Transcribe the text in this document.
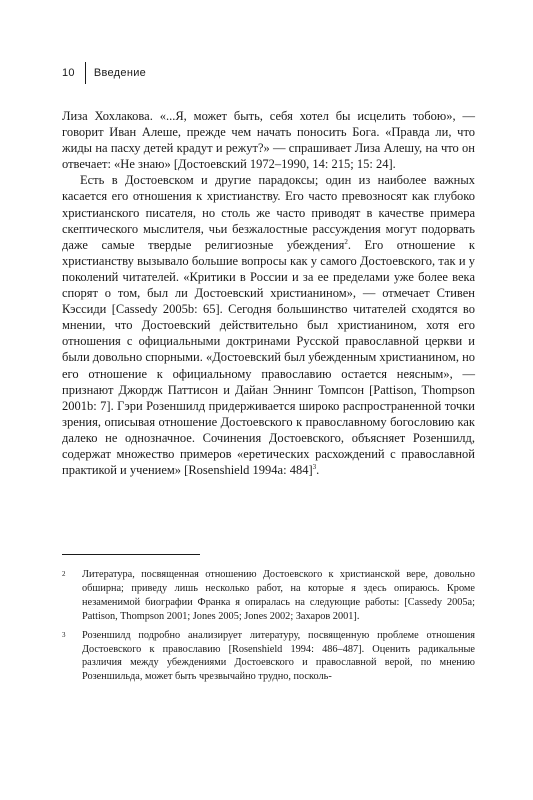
10 Введение

Лиза Хохлакова. «...Я, может быть, себя хотел бы исцелить тобою», — говорит Иван Алеше, прежде чем начать поносить Бога. «Правда ли, что жиды на пасху детей крадут и режут?» — спрашивает Лиза Алешу, на что он отвечает: «Не знаю» [Достоевский 1972–1990, 14: 215; 15: 24].

Есть в Достоевском и другие парадоксы; один из наиболее важных касается его отношения к христианству. Его часто превозносят как глубоко христианского писателя, но столь же часто приводят в качестве примера скептического мыслителя, чьи безжалостные рассуждения могут подорвать даже самые твердые религиозные убеждения$^2$. Его отношение к христианству вызывало большие вопросы как у самого Достоевского, так и у поколений читателей. «Критики в России и за ее пределами уже более века спорят о том, был ли Достоевский христианином», — отмечает Стивен Кэссиди [Cassedy 2005b: 65]. Сегодня большинство читателей сходятся во мнении, что Достоевский действительно был христианином, хотя его отношения с официальными доктринами Русской православной церкви и были довольно спорными. «Достоевский был убежденным христианином, но его отношение к официальному православию остается неясным», — признают Джордж Паттисон и Дайан Эннинг Томпсон [Pattison, Thompson 2001b: 7]. Гэри Розеншилд придерживается широко распространенной точки зрения, описывая отношение Достоевского к православному богословию как далеко не однозначное. Сочинения Достоевского, объясняет Розеншилд, содержат множество примеров «еретических расхождений с православной практикой и учением» [Rosenshield 1994a: 484]$^3$.

2	Литература, посвященная отношению Достоевского к христианской вере, довольно обширна; приведу лишь несколько работ, на которые я здесь опираюсь. Кроме незаменимой биографии Франка я опиралась на следующие работы: [Cassedy 2005a; Pattison, Thompson 2001; Jones 2005; Jones 2002; Захаров 2001].
3	Розеншилд подробно анализирует литературу, посвященную проблеме отношения Достоевского к православию [Rosenshield 1994: 486–487]. Оценить радикальные различия между убеждениями Достоевского и православной верой, по мнению Розеншильда, может быть чрезвычайно трудно, посколь-
